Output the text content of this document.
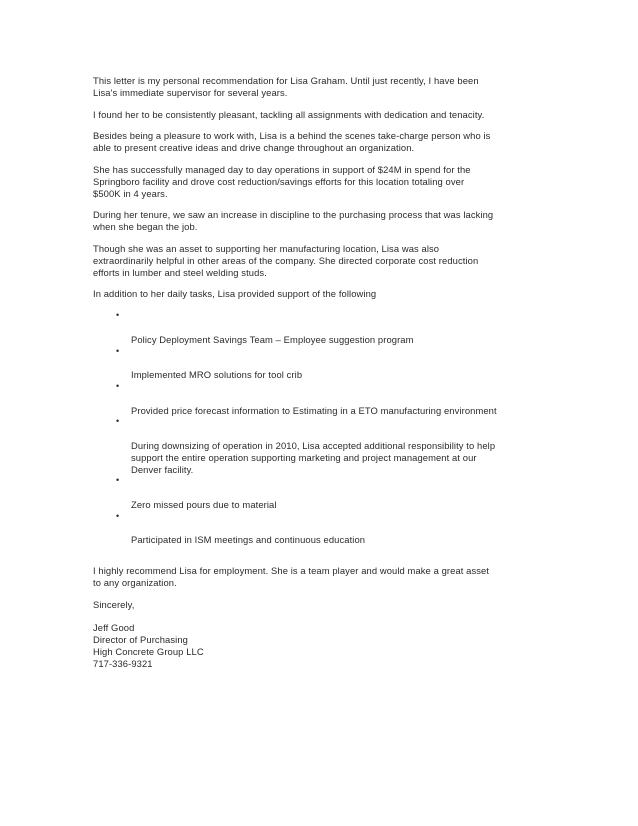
This letter is my personal recommendation for Lisa Graham. Until just recently, I have been
Lisa's immediate supervisor for several years.

I found her to be consistently pleasant, tackling all assignments with dedication and tenacity.

Besides being a pleasure to work with, Lisa is a behind the scenes take-charge person who is
able to present creative ideas and drive change throughout an organization.

She has successfully managed day to day operations in support of $24M in spend for the
Springboro facility and drove cost reduction/savings efforts for this location totaling over
$500K in 4 years.

During her tenure, we saw an increase in discipline to the purchasing process that was lacking
when she began the job.

Though she was an asset to supporting her manufacturing location, Lisa was also
extraordinarily helpful in other areas of the company. She directed corporate cost reduction
efforts in lumber and steel welding studs.

In addition to her daily tasks, Lisa provided support of the following

•

Policy Deployment Savings Team – Employee suggestion program

•

Implemented MRO solutions for tool crib

•

Provided price forecast information to Estimating in a ETO manufacturing environment

•

During downsizing of operation in 2010, Lisa accepted additional responsibility to help
support the entire operation supporting marketing and project management at our
Denver facility.

•

Zero missed pours due to material

•

Participated in ISM meetings and continuous education

I highly recommend Lisa for employment. She is a team player and would make a great asset
to any organization.

Sincerely,

Jeff Good

Director of Purchasing

High Concrete Group LLC

717-336-9321
